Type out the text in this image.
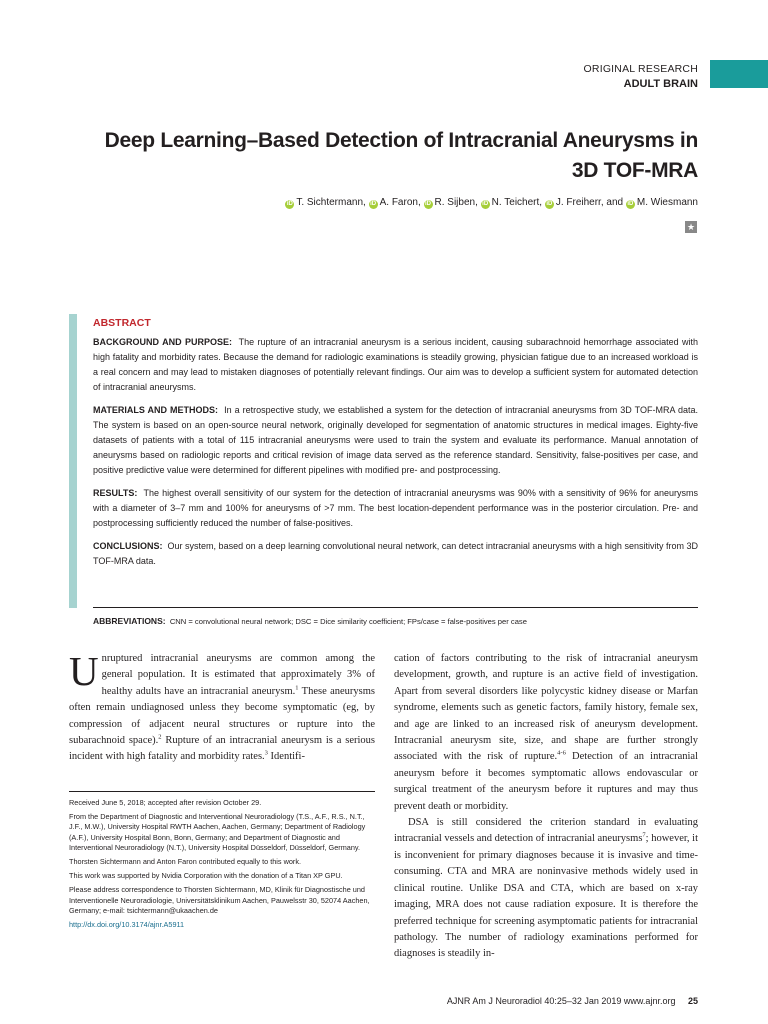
ORIGINAL RESEARCH
ADULT BRAIN
Deep Learning–Based Detection of Intracranial Aneurysms in
3D TOF-MRA
iD T. Sichtermann, iD A. Faron, iD R. Sijben, iD N. Teichert, iD J. Freiherr, and iD M. Wiesmann
★
ABSTRACT

BACKGROUND AND PURPOSE: The rupture of an intracranial aneurysm is a serious incident, causing subarachnoid hemorrhage associated with high fatality and morbidity rates. Because the demand for radiologic examinations is steadily growing, physician fatigue due to an increased workload is a real concern and may lead to mistaken diagnoses of potentially relevant findings. Our aim was to develop a sufficient system for automated detection of intracranial aneurysms.

MATERIALS AND METHODS: In a retrospective study, we established a system for the detection of intracranial aneurysms from 3D TOF-MRA data. The system is based on an open-source neural network, originally developed for segmentation of anatomic structures in medical images. Eighty-five datasets of patients with a total of 115 intracranial aneurysms were used to train the system and evaluate its performance. Manual annotation of aneurysms based on radiologic reports and critical revision of image data served as the reference standard. Sensitivity, false-positives per case, and positive predictive value were determined for different pipelines with modified pre- and postprocessing.

RESULTS: The highest overall sensitivity of our system for the detection of intracranial aneurysms was 90% with a sensitivity of 96% for aneurysms with a diameter of 3–7 mm and 100% for aneurysms of >7 mm. The best location-dependent performance was in the posterior circulation. Pre- and postprocessing sufficiently reduced the number of false-positives.

CONCLUSIONS: Our system, based on a deep learning convolutional neural network, can detect intracranial aneurysms with a high sensitivity from 3D TOF-MRA data.

ABBREVIATIONS: CNN = convolutional neural network; DSC = Dice similarity coefficient; FPs/case = false-positives per case

Unruptured intracranial aneurysms are common among the general population. It is estimated that approximately 3% of healthy adults have an intracranial aneurysm.$^1$ These aneurysms often remain undiagnosed unless they become symptomatic (eg, by compression of adjacent neural structures or rupture into the subarachnoid space).$^2$ Rupture of an intracranial aneurysm is a serious incident with high fatality and morbidity rates.$^3$ Identifi-

Received June 5, 2018; accepted after revision October 29.

From the Department of Diagnostic and Interventional Neuroradiology (T.S., A.F., R.S., N.T., J.F., M.W.), University Hospital RWTH Aachen, Aachen, Germany; Department of Radiology (A.F.), University Hospital Bonn, Bonn, Germany; and Department of Diagnostic and Interventional Neuroradiology (N.T.), University Hospital Düsseldorf, Düsseldorf, Germany.

Thorsten Sichtermann and Anton Faron contributed equally to this work.

This work was supported by Nvidia Corporation with the donation of a Titan XP GPU.

Please address correspondence to Thorsten Sichtermann, MD, Klinik für Diagnostische und Interventionelle Neuroradiologie, Universitätsklinikum Aachen, Pauwelsstr 30, 52074 Aachen, Germany; e-mail: tsichtermann@ukaachen.de

http://dx.doi.org/10.3174/ajnr.A5911

cation of factors contributing to the risk of intracranial aneurysm development, growth, and rupture is an active field of investigation. Apart from several disorders like polycystic kidney disease or Marfan syndrome, elements such as genetic factors, family history, female sex, and age are linked to an increased risk of aneurysm development. Intracranial aneurysm site, size, and shape are further strongly associated with the risk of rupture.$^{4-6}$ Detection of an intracranial aneurysm before it becomes symptomatic allows endovascular or surgical treatment of the aneurysm before it ruptures and may thus prevent death or morbidity.

DSA is still considered the criterion standard in evaluating intracranial vessels and detection of intracranial aneurysms$^7$; however, it is inconvenient for primary diagnoses because it is invasive and time-consuming. CTA and MRA are noninvasive methods widely used in clinical routine. Unlike DSA and CTA, which are based on x-ray imaging, MRA does not cause radiation exposure. It is therefore the preferred technique for screening asymptomatic patients for intracranial pathology. The number of radiology examinations performed for diagnoses is steadily in-

AJNR Am J Neuroradiol 40:25–32 Jan 2019 www.ajnr.org 25
